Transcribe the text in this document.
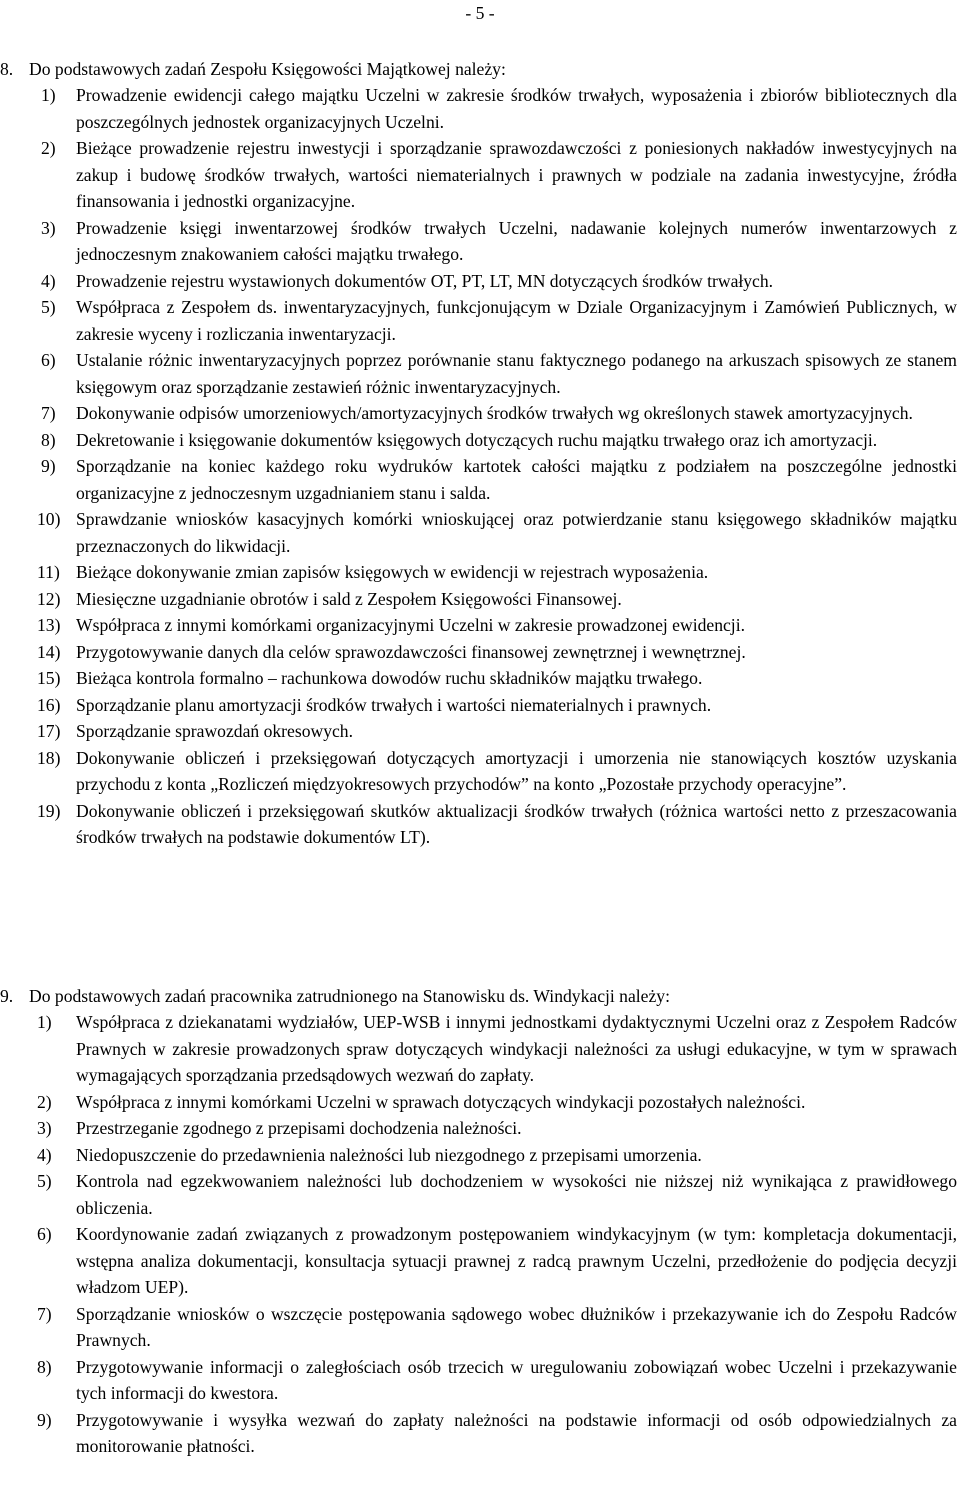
- 5 -
8. Do podstawowych zadań Zespołu Księgowości Majątkowej należy:
1)	Prowadzenie ewidencji całego majątku Uczelni w zakresie środków trwałych, wyposażenia i zbiorów bibliotecznych dla poszczególnych jednostek organizacyjnych Uczelni.
2)	Bieżące prowadzenie rejestru inwestycji i sporządzanie sprawozdawczości z poniesionych nakładów inwestycyjnych na zakup i budowę środków trwałych, wartości niematerialnych i prawnych w podziale na zadania inwestycyjne, źródła finansowania i jednostki organizacyjne.
3)	Prowadzenie księgi inwentarzowej środków trwałych Uczelni, nadawanie kolejnych numerów inwentarzowych z jednoczesnym znakowaniem całości majątku trwałego.
4)	Prowadzenie rejestru wystawionych dokumentów OT, PT, LT, MN dotyczących środków trwałych.
5)	Współpraca z Zespołem ds. inwentaryzacyjnych, funkcjonującym w Dziale Organizacyjnym i Zamówień Publicznych, w zakresie wyceny i rozliczania inwentaryzacji.
6)	Ustalanie różnic inwentaryzacyjnych poprzez porównanie stanu faktycznego podanego na arkuszach spisowych ze stanem księgowym oraz sporządzanie zestawień różnic inwentaryzacyjnych.
7)	Dokonywanie odpisów umorzeniowych/amortyzacyjnych środków trwałych wg określonych stawek amortyzacyjnych.
8)	Dekretowanie i księgowanie dokumentów księgowych dotyczących ruchu majątku trwałego oraz ich amortyzacji.
9)	Sporządzanie na koniec każdego roku wydruków kartotek całości majątku z podziałem na poszczególne jednostki organizacyjne z jednoczesnym uzgadnianiem stanu i salda.
10) Sprawdzanie wniosków kasacyjnych komórki wnioskującej oraz potwierdzanie stanu księgowego składników majątku przeznaczonych do likwidacji.
11) Bieżące dokonywanie zmian zapisów księgowych w ewidencji w rejestrach wyposażenia.
12) Miesięczne uzgadnianie obrotów i sald z Zespołem Księgowości Finansowej.
13) Współpraca z innymi komórkami organizacyjnymi Uczelni w zakresie prowadzonej ewidencji.
14) Przygotowywanie danych dla celów sprawozdawczości finansowej zewnętrznej i wewnętrznej.
15) Bieżąca kontrola formalno – rachunkowa dowodów ruchu składników majątku trwałego.
16) Sporządzanie planu amortyzacji środków trwałych i wartości niematerialnych i prawnych.
17) Sporządzanie sprawozdań okresowych.
18) Dokonywanie obliczeń i przeksięgowań dotyczących amortyzacji i umorzenia nie stanowiących kosztów uzyskania przychodu z konta „Rozliczeń międzyokresowych przychodów” na konto „Pozostałe przychody operacyjne”.
19) Dokonywanie obliczeń i przeksięgowań skutków aktualizacji środków trwałych (różnica wartości netto z przeszacowania środków trwałych na podstawie dokumentów LT).
9. Do podstawowych zadań pracownika zatrudnionego na Stanowisku ds. Windykacji należy:
1)	Współpraca z dziekanatami wydziałów, UEP-WSB i innymi jednostkami dydaktycznymi Uczelni oraz z Zespołem Radców Prawnych w zakresie prowadzonych spraw dotyczących windykacji należności za usługi edukacyjne, w tym w sprawach wymagających sporządzania przedsądowych wezwań do zapłaty.
2)	Współpraca z innymi komórkami Uczelni w sprawach dotyczących windykacji pozostałych należności.
3)	Przestrzeganie zgodnego z przepisami dochodzenia należności.
4)	Niedopuszczenie do przedawnienia należności lub niezgodnego z przepisami umorzenia.
5)	Kontrola nad egzekwowaniem należności lub dochodzeniem w wysokości nie niższej niż wynikająca z prawidłowego obliczenia.
6)	Koordynowanie zadań związanych z prowadzonym postępowaniem windykacyjnym (w tym: kompletacja dokumentacji, wstępna analiza dokumentacji, konsultacja sytuacji prawnej z radcą prawnym Uczelni, przedłożenie do podjęcia decyzji władzom UEP).
7)	Sporządzanie wniosków o wszczęcie postępowania sądowego wobec dłużników i przekazywanie ich do Zespołu Radców Prawnych.
8)	Przygotowywanie informacji o zaległościach osób trzecich w uregulowaniu zobowiązań wobec Uczelni i przekazywanie tych informacji do kwestora.
9)	Przygotowywanie i wysyłka wezwań do zapłaty należności na podstawie informacji od osób odpowiedzialnych za monitorowanie płatności.
